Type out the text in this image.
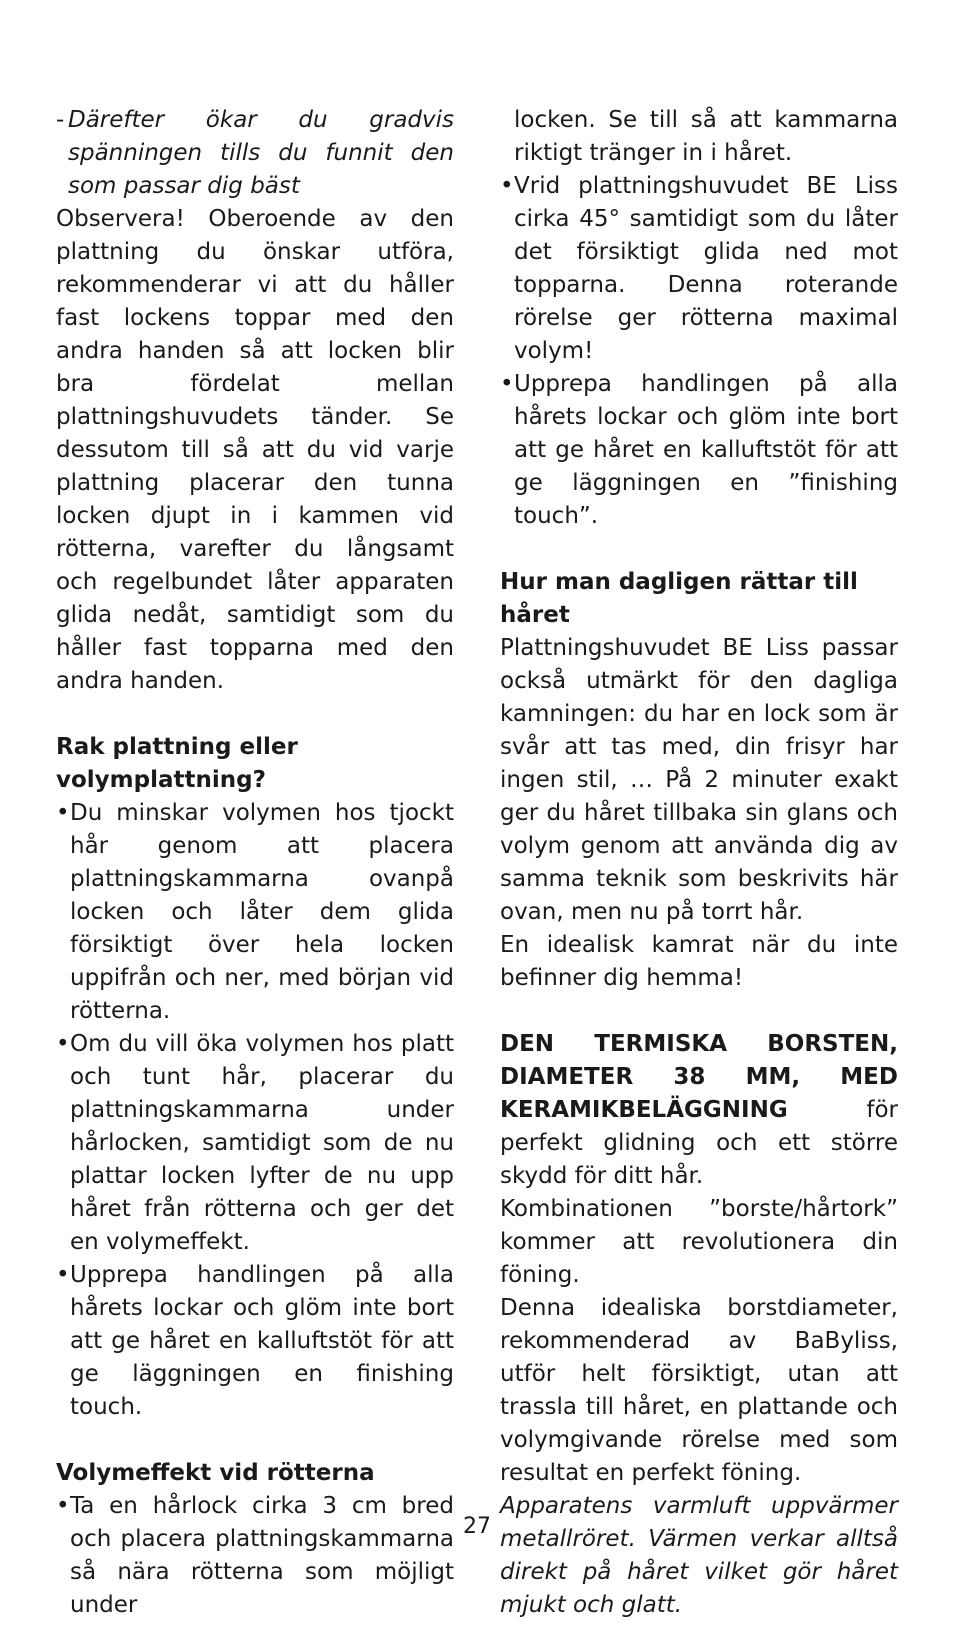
- Därefter ökar du gradvis spänningen tills du funnit den som passar dig bäst

Observera! Oberoende av den plattning du önskar utföra, rekommenderar vi att du håller fast lockens toppar med den andra handen så att locken blir bra fördelat mellan plattningshuvudets tänder. Se dessutom till så att du vid varje plattning placerar den tunna locken djupt in i kammen vid rötterna, varefter du långsamt och regelbundet låter apparaten glida nedåt, samtidigt som du håller fast topparna med den andra handen.

Rak plattning eller volymplattning?

• Du minskar volymen hos tjockt hår genom att placera plattningskammarna ovanpå locken och låter dem glida försiktigt över hela locken uppifrån och ner, med början vid rötterna.

• Om du vill öka volymen hos platt och tunt hår, placerar du plattningskammarna under hårlocken, samtidigt som de nu plattar locken lyfter de nu upp håret från rötterna och ger det en volymeffekt.

• Upprepa handlingen på alla hårets lockar och glöm inte bort att ge håret en kalluftstöt för att ge läggningen en finishing touch.

Volymeffekt vid rötterna

• Ta en hårlock cirka 3 cm bred och placera plattningskammarna så nära rötterna som möjligt under

locken. Se till så att kammarna riktigt tränger in i håret.

• Vrid plattningshuvudet BE Liss cirka 45° samtidigt som du låter det försiktigt glida ned mot topparna. Denna roterande rörelse ger rötterna maximal volym!

• Upprepa handlingen på alla hårets lockar och glöm inte bort att ge håret en kalluftstöt för att ge läggningen en ”finishing touch”.

Hur man dagligen rättar till håret

Plattningshuvudet BE Liss passar också utmärkt för den dagliga kamningen: du har en lock som är svår att tas med, din frisyr har ingen stil, … På 2 minuter exakt ger du håret tillbaka sin glans och volym genom att använda dig av samma teknik som beskrivits här ovan, men nu på torrt hår.

En idealisk kamrat när du inte befinner dig hemma!

DEN TERMISKA BORSTEN, DIAMETER 38 MM, MED KERAMIKBELÄGGNING för perfekt glidning och ett större skydd för ditt hår.

Kombinationen ”borste/hårtork” kommer att revolutionera din föning.

Denna idealiska borstdiameter, rekommenderad av BaByliss, utför helt försiktigt, utan att trassla till håret, en plattande och volymgivande rörelse med som resultat en perfekt föning.

Apparatens varmluft uppvärmer metallröret. Värmen verkar alltså direkt på håret vilket gör håret mjukt och glatt.

27
